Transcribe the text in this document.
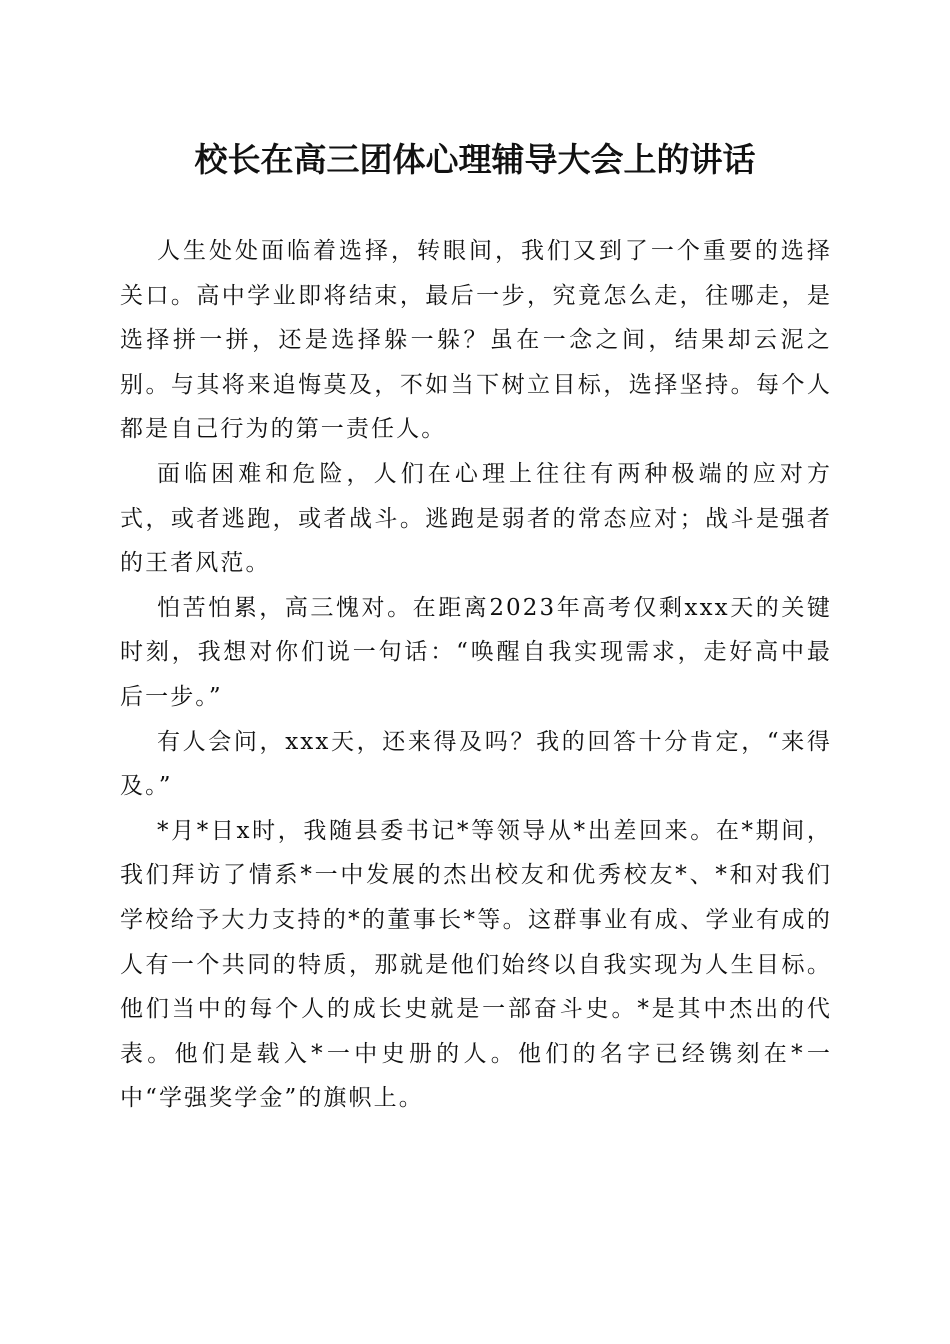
校长在高三团体心理辅导大会上的讲话

人生处处面临着选择，转眼间，我们又到了一个重要的选择关口。高中学业即将结束，最后一步，究竟怎么走，往哪走，是选择拼一拼，还是选择躲一躲？虽在一念之间，结果却云泥之别。与其将来追悔莫及，不如当下树立目标，选择坚持。每个人都是自己行为的第一责任人。

面临困难和危险，人们在心理上往往有两种极端的应对方式，或者逃跑，或者战斗。逃跑是弱者的常态应对；战斗是强者的王者风范。

怕苦怕累，高三愧对。在距离2023年高考仅剩xxx天的关键时刻，我想对你们说一句话：“唤醒自我实现需求，走好高中最后一步。”

有人会问，xxx天，还来得及吗？我的回答十分肯定，“来得及。”

*月*日x时，我随县委书记*等领导从*出差回来。在*期间，我们拜访了情系*一中发展的杰出校友和优秀校友*、*和对我们学校给予大力支持的*的董事长*等。这群事业有成、学业有成的人有一个共同的特质，那就是他们始终以自我实现为人生目标。他们当中的每个人的成长史就是一部奋斗史。*是其中杰出的代表。他们是载入*一中史册的人。他们的名字已经镌刻在*一中“学强奖学金”的旗帜上。
